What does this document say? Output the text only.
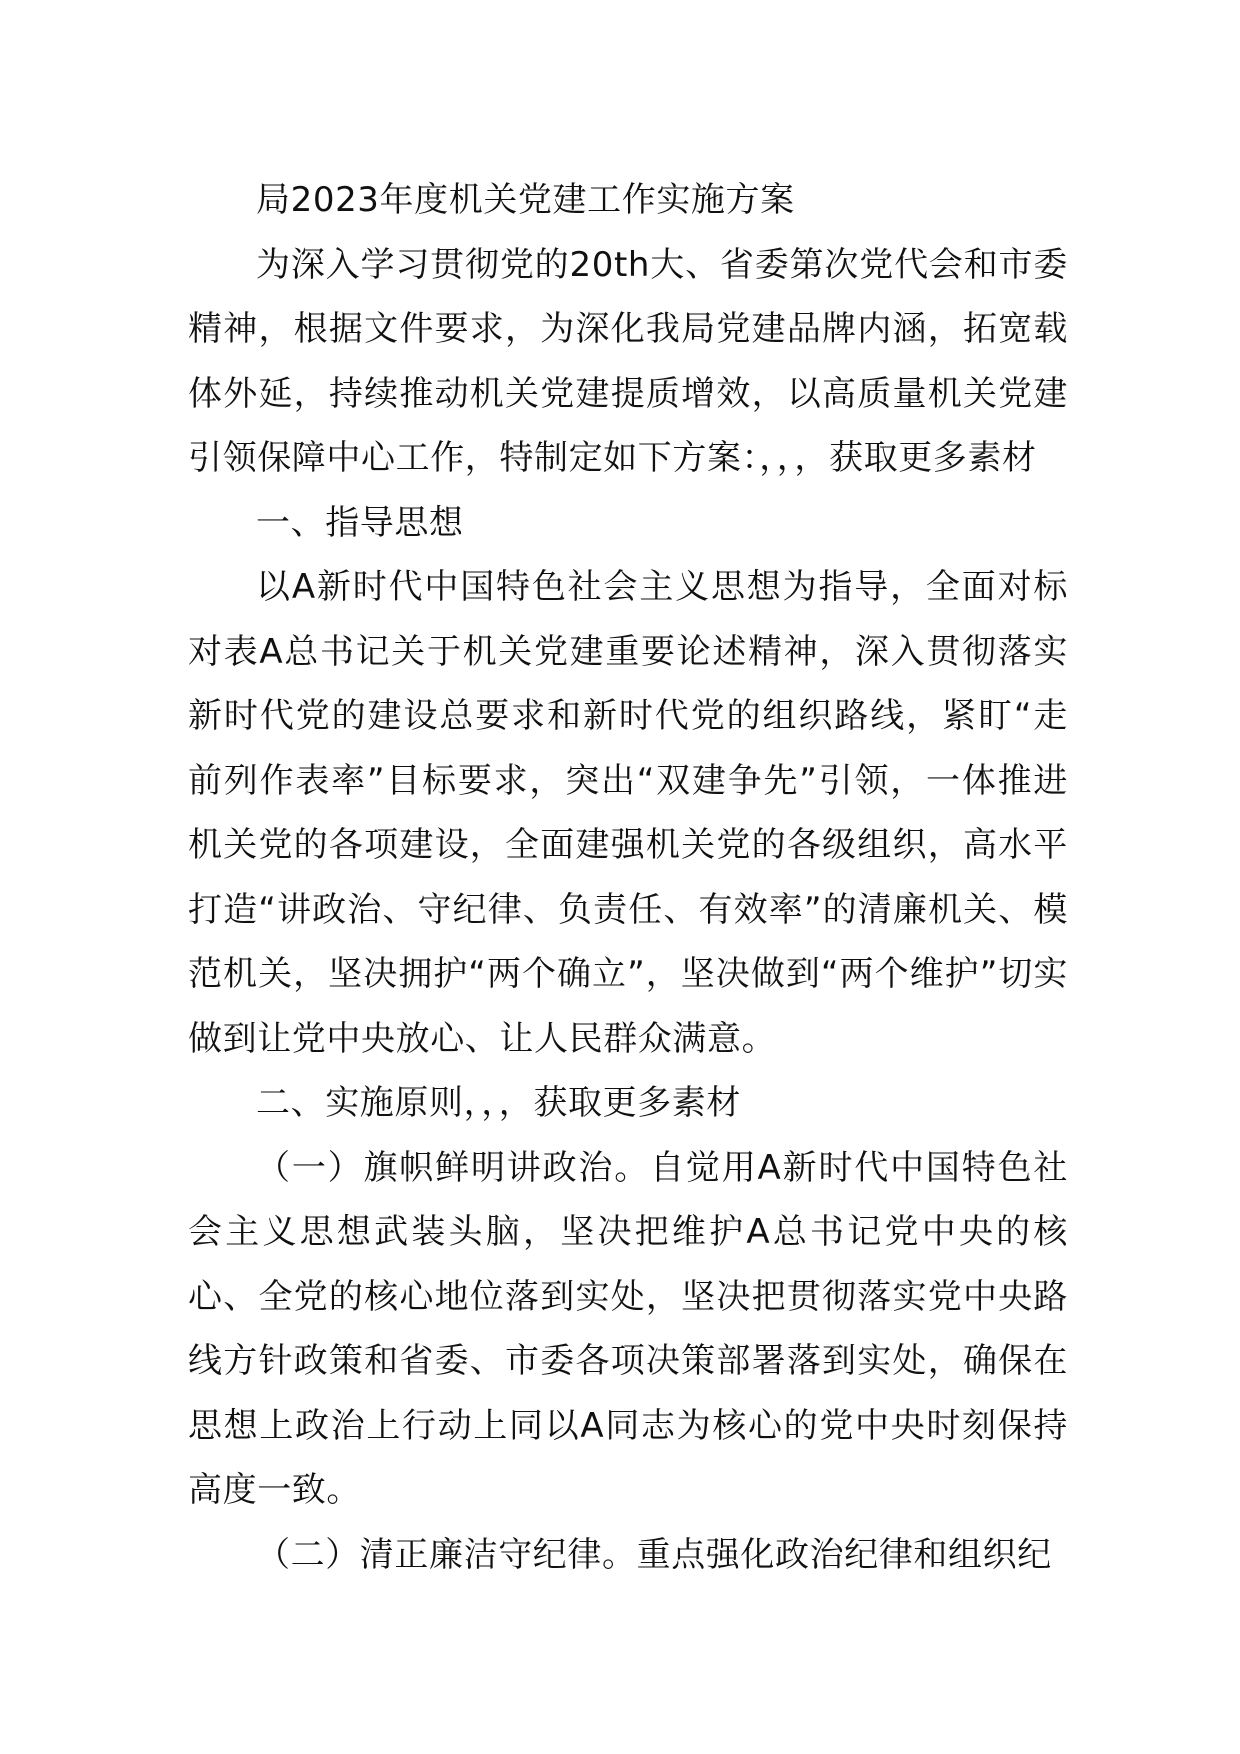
局2023年度机关党建工作实施方案

为深入学习贯彻党的20th大、省委第次党代会和市委精神，根据文件要求，为深化我局党建品牌内涵，拓宽载体外延，持续推动机关党建提质增效，以高质量机关党建引领保障中心工作，特制定如下方案：，，，获取更多素材

一、指导思想

以A新时代中国特色社会主义思想为指导，全面对标对表A总书记关于机关党建重要论述精神，深入贯彻落实新时代党的建设总要求和新时代党的组织路线，紧盯“走前列作表率”目标要求，突出“双建争先”引领，一体推进机关党的各项建设，全面建强机关党的各级组织，高水平打造“讲政治、守纪律、负责任、有效率”的清廉机关、模范机关，坚决拥护“两个确立”，坚决做到“两个维护”切实做到让党中央放心、让人民群众满意。

二、实施原则，，，获取更多素材

（一）旗帜鲜明讲政治。自觉用A新时代中国特色社会主义思想武装头脑，坚决把维护A总书记党中央的核心、全党的核心地位落到实处，坚决把贯彻落实党中央路线方针政策和省委、市委各项决策部署落到实处，确保在思想上政治上行动上同以A同志为核心的党中央时刻保持高度一致。

（二）清正廉洁守纪律。重点强化政治纪律和组织纪
